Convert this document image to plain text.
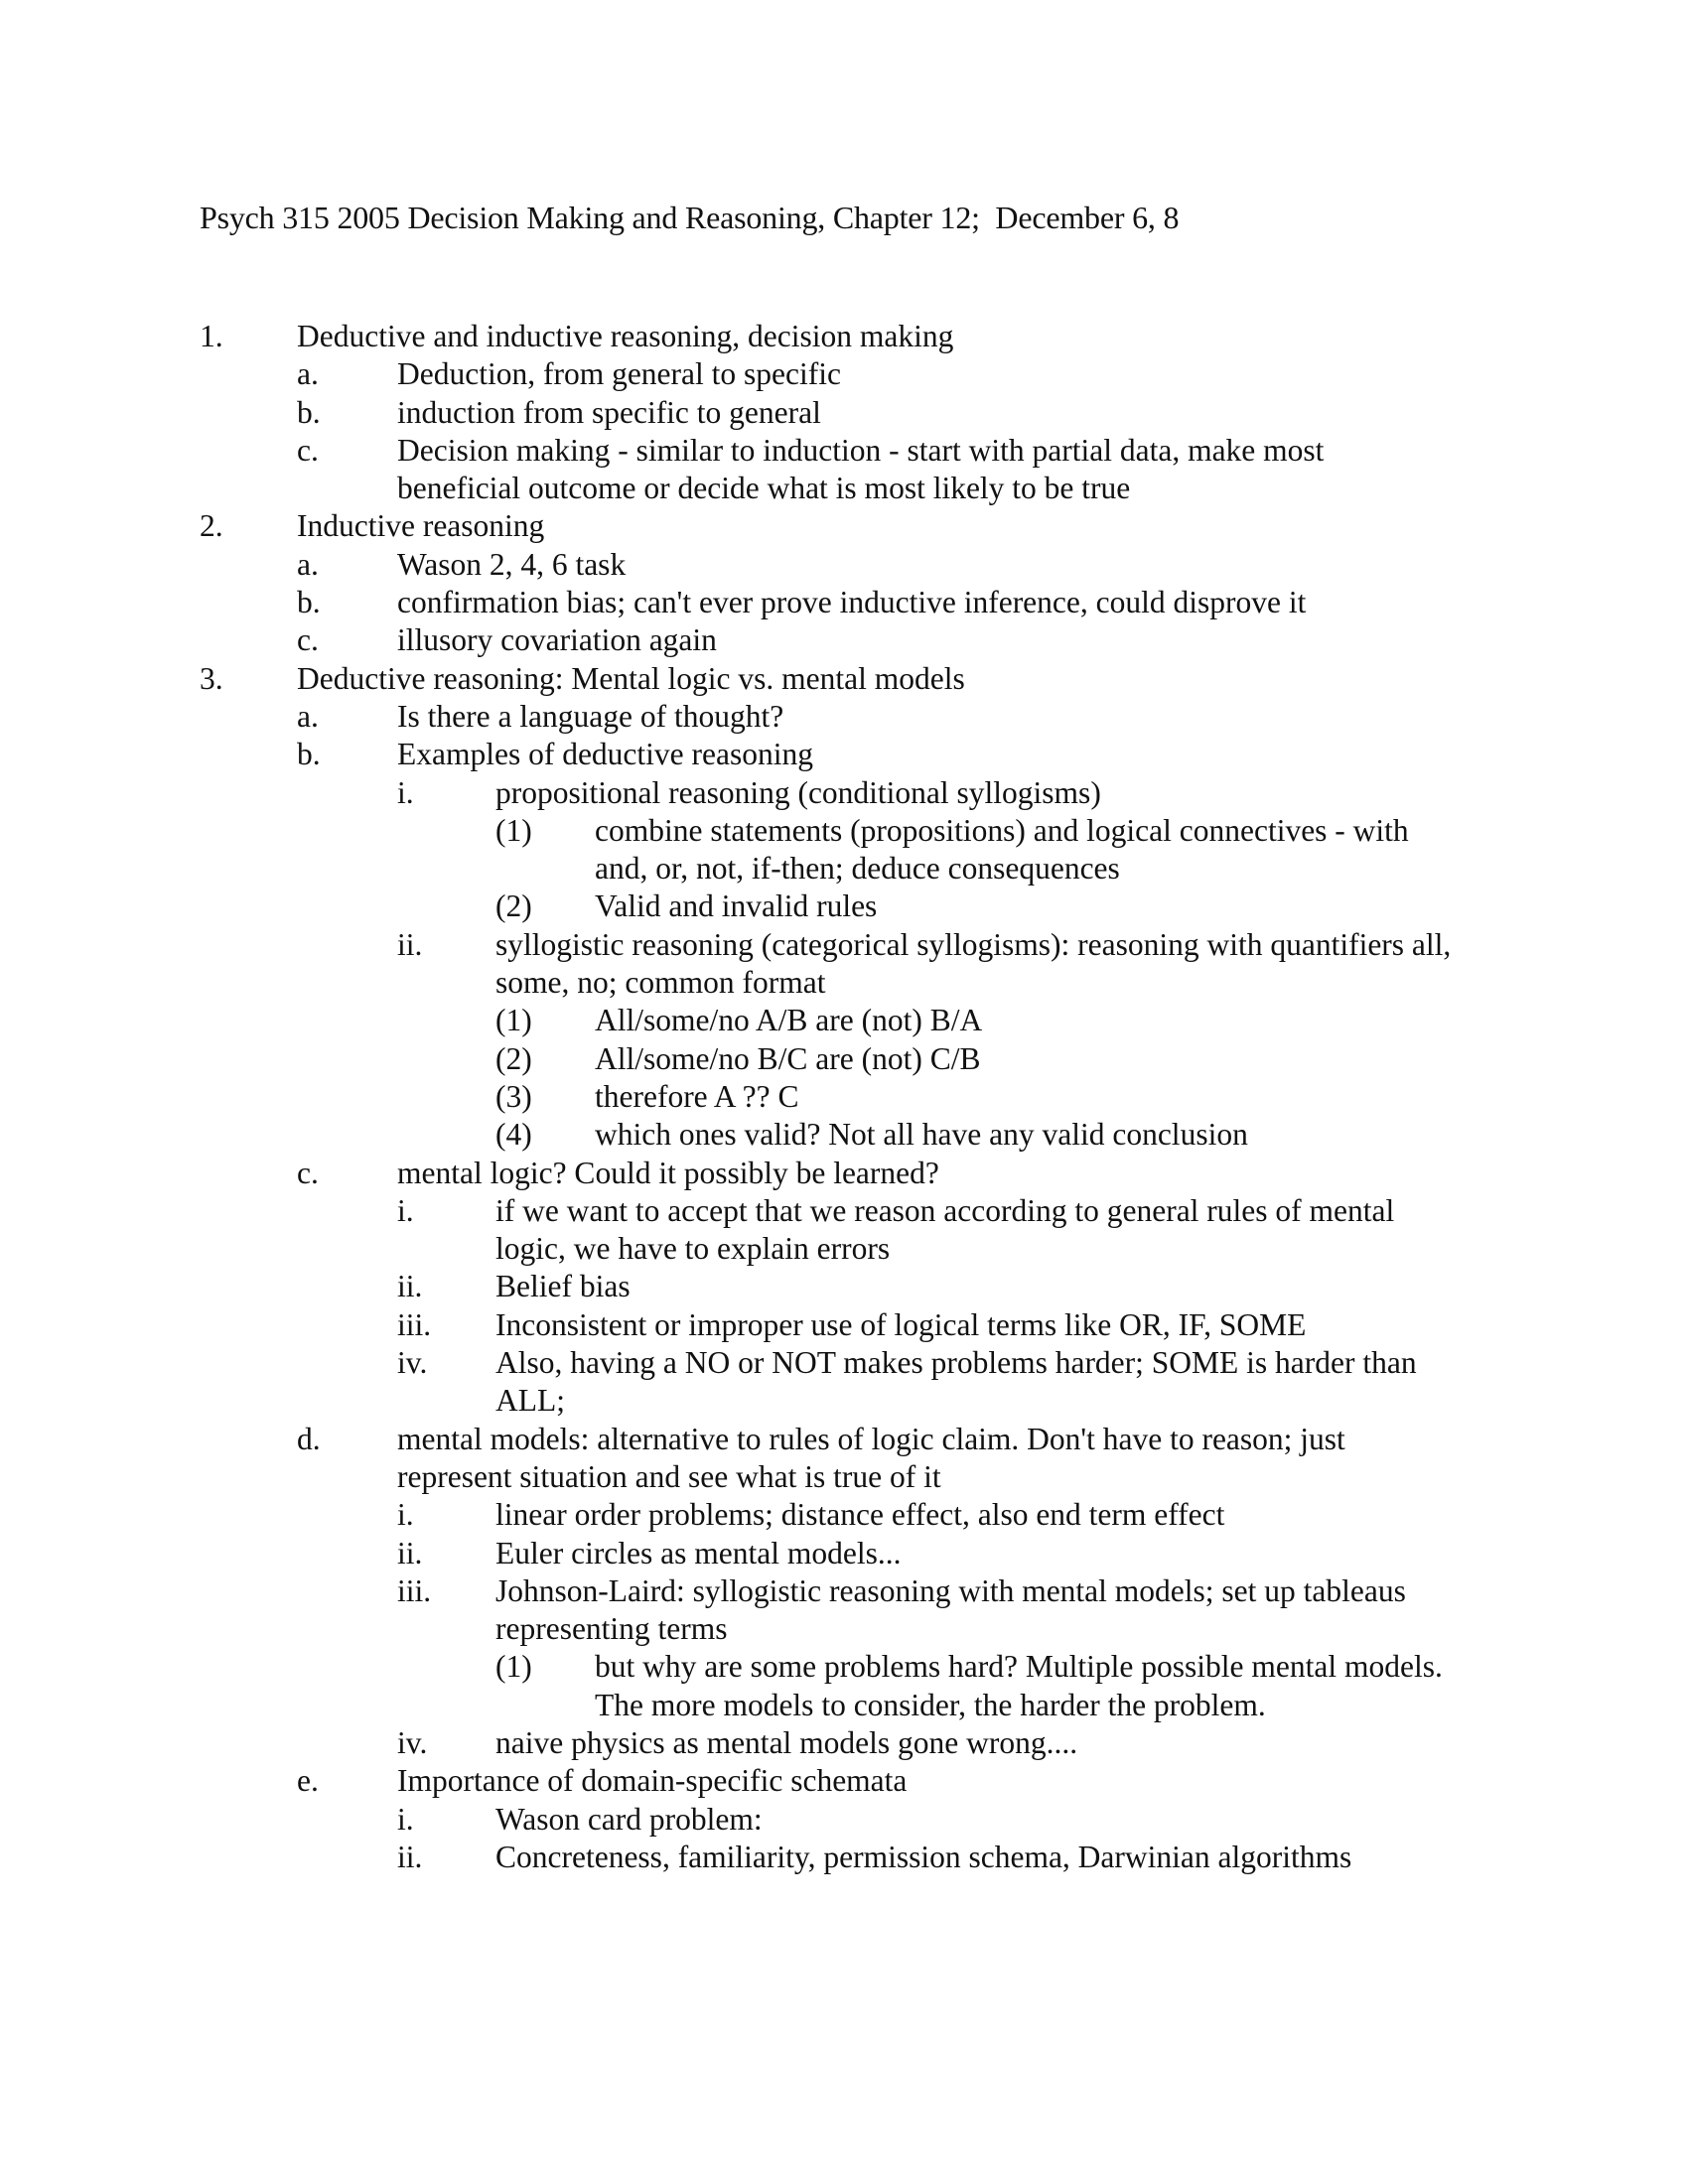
Psych 315 2005 Decision Making and Reasoning, Chapter 12;  December 6, 8
1. Deductive and inductive reasoning, decision making
a.	Deduction, from general to specific
b. induction from specific to general
c.	Decision making - similar to induction - start with partial data, make most
beneficial outcome or decide what is most likely to be true
2. Inductive reasoning
a.	Wason 2, 4, 6 task
b. confirmation bias; can't ever prove inductive inference, could disprove it
c.	illusory covariation again
3. Deductive reasoning: Mental logic vs. mental models
a.	Is there a language of thought?
b. Examples of deductive reasoning
i.	propositional reasoning (conditional syllogisms)
(1) combine statements (propositions) and logical connectives - with
and, or, not, if-then; deduce consequences
(2) Valid and invalid rules
ii. syllogistic reasoning (categorical syllogisms): reasoning with quantifiers all,
some, no; common format
(1) All/some/no A/B are (not) B/A
(2) All/some/no B/C are (not) C/B
(3) therefore A ?? C
(4) which ones valid? Not all have any valid conclusion
c.	mental logic? Could it possibly be learned?
i.	if we want to accept that we reason according to general rules of mental
logic, we have to explain errors
ii. Belief bias
iii. Inconsistent or improper use of logical terms like OR, IF, SOME
iv. Also, having a NO or NOT makes problems harder; SOME is harder than
ALL;
d. mental models: alternative to rules of logic claim. Don't have to reason; just
represent situation and see what is true of it
i.	linear order problems; distance effect, also end term effect
ii. Euler circles as mental models...
iii. Johnson-Laird: syllogistic reasoning with mental models; set up tableaus
representing terms
(1) but why are some problems hard? Multiple possible mental models.
The more models to consider, the harder the problem.
iv. naive physics as mental models gone wrong....
e.	Importance of domain-specific schemata
i.	Wason card problem:
ii. Concreteness, familiarity, permission schema, Darwinian algorithms
